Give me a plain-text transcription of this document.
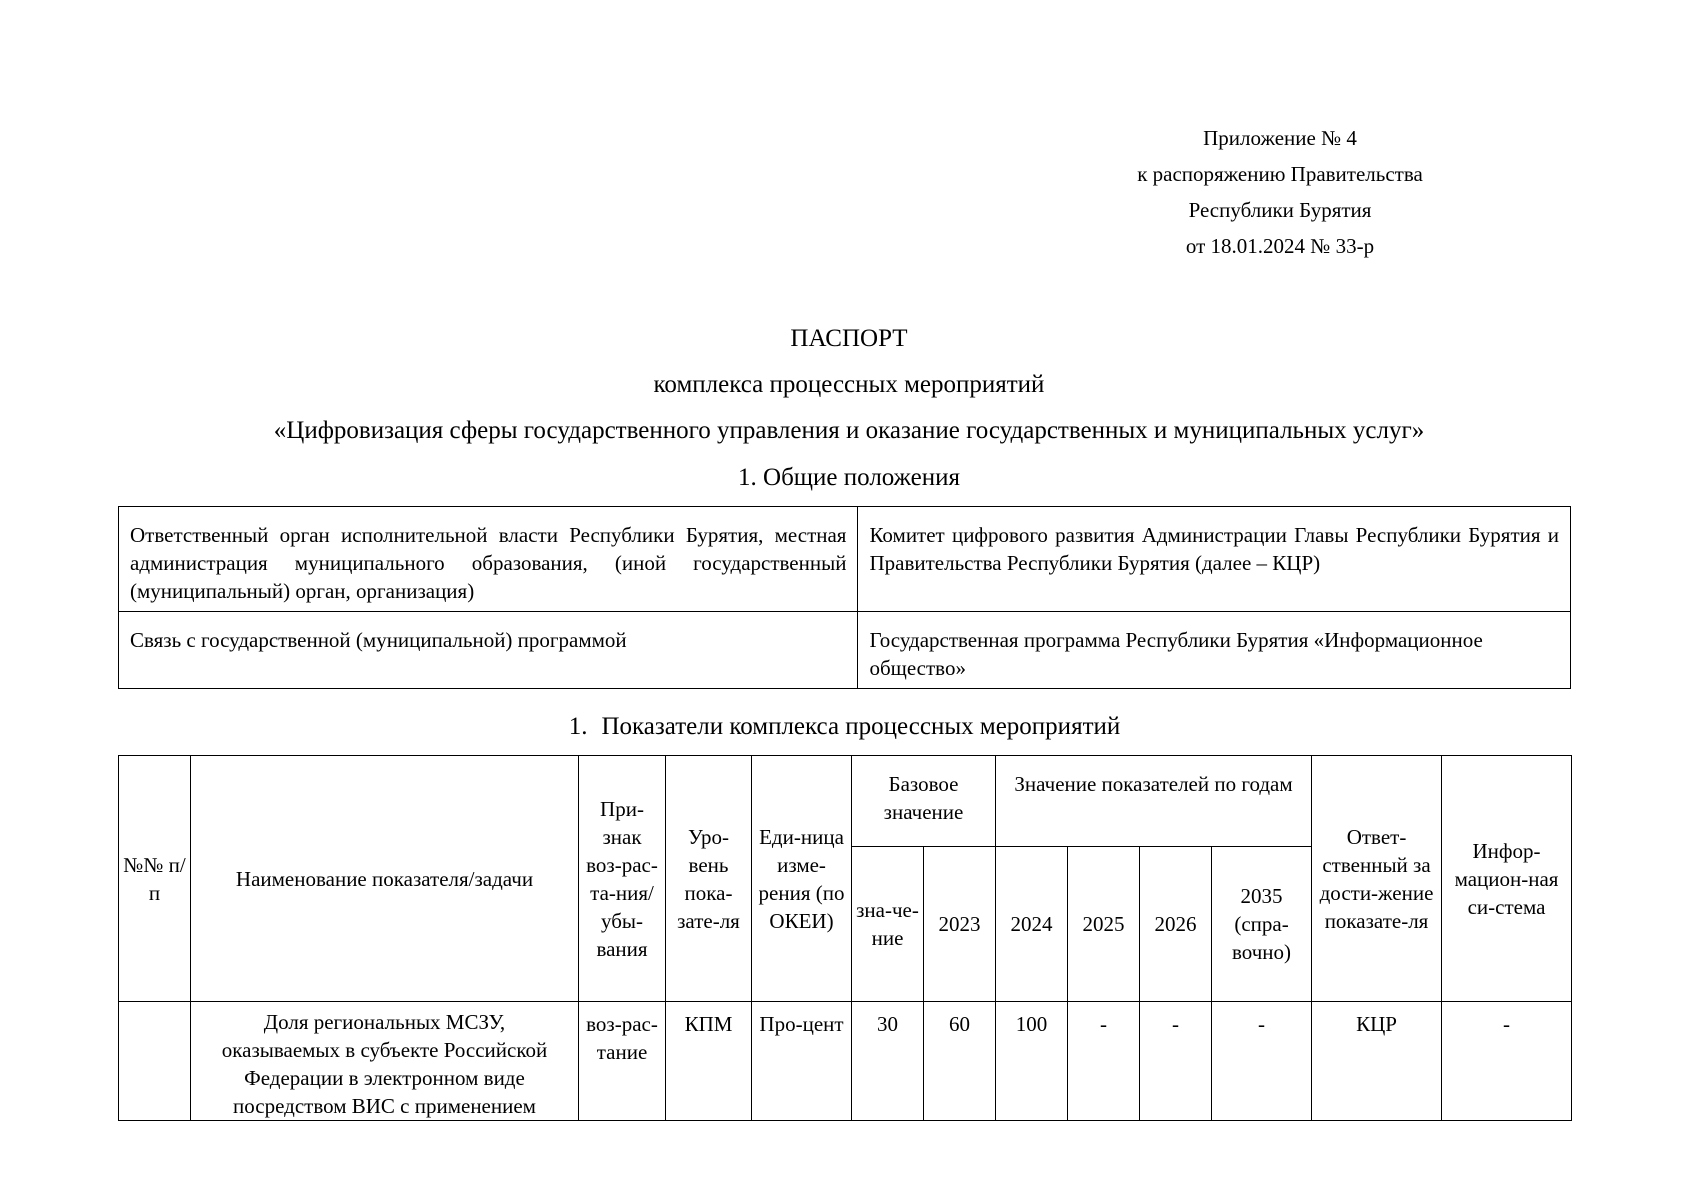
Приложение № 4
к распоряжению Правительства
Республики Бурятия
от 18.01.2024 № 33-р
ПАСПОРТ
комплекса процессных мероприятий
«Цифровизация сферы государственного управления и оказание государственных и муниципальных услуг»
1. Общие положения
Ответственный орган исполнительной власти Республики Бурятия, местная администрация муниципального образования, (иной государственный (муниципальный) орган, организация)	Комитет цифрового развития Администрации Главы Республики Бурятия и Правительства Республики Бурятия (далее – КЦР)
Связь с государственной (муниципальной) программой	Государственная программа Республики Бурятия «Информационное общество»
1. Показатели комплекса процессных мероприятий
№№ п/п	Наименование показателя/задачи	При-знак воз-рас-та-ния/ убы-вания	Уро-вень пока-зате-ля	Еди-ница изме-рения (по ОКЕИ)	Базовое значение		Значение показателей по годам				Ответ-ственный за дости-жение показате-ля	Инфор-мацион-ная си-стема
					зна-че-ние	2023	2024	2025	2026	2035 (спра-вочно)		
	Доля региональных МСЗУ, оказываемых в субъекте Российской Федерации в электронном виде посредством ВИС с применением	воз-рас-тание	КПМ	Про-цент	30	60	100	-	-	-	КЦР	-
